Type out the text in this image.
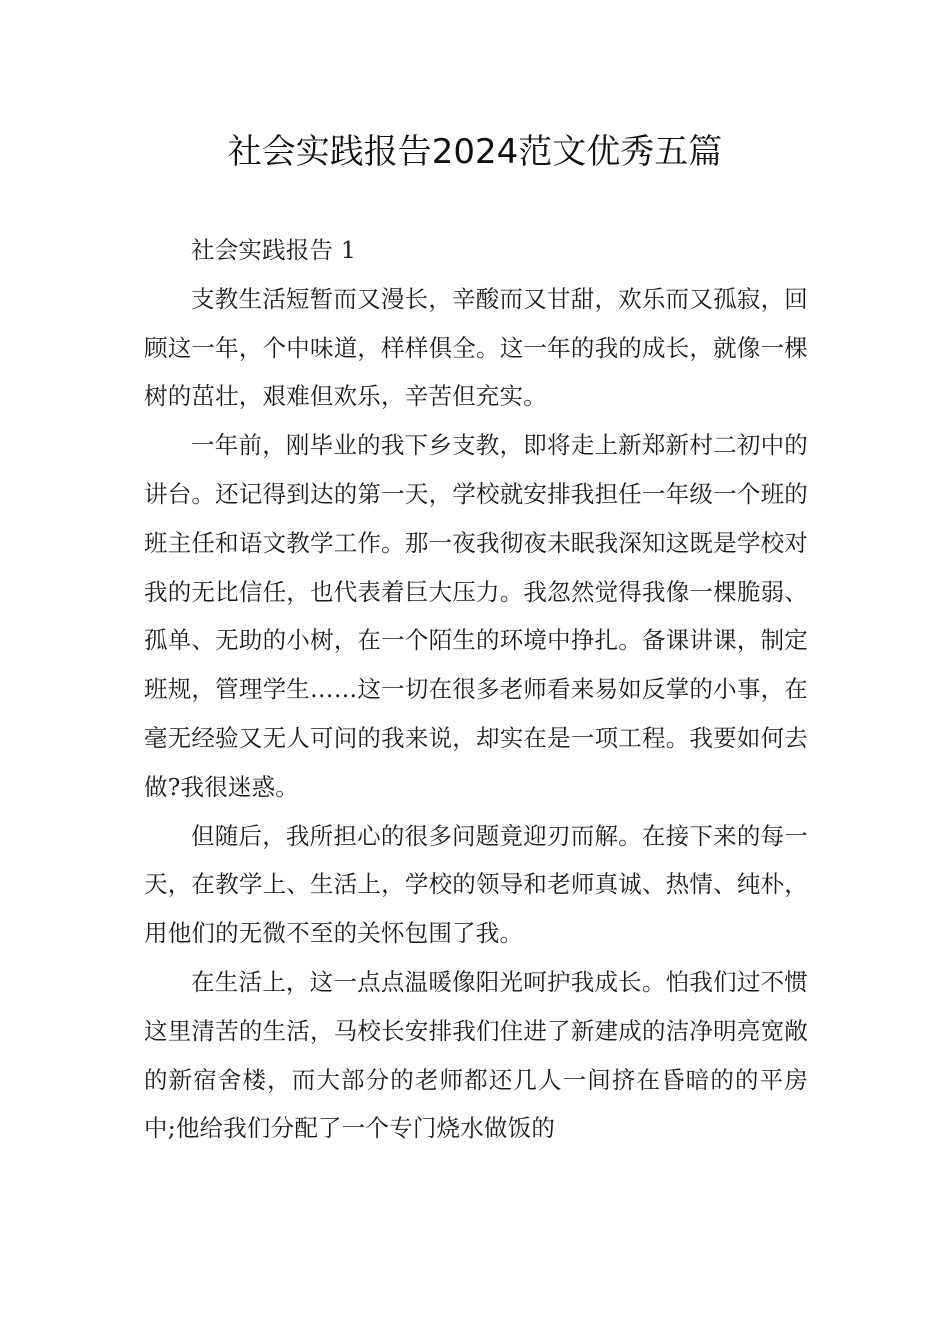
社会实践报告2024范文优秀五篇

社会实践报告 1

支教生活短暂而又漫长，辛酸而又甘甜，欢乐而又孤寂，回顾这一年，个中味道，样样俱全。这一年的我的成长，就像一棵树的茁壮，艰难但欢乐，辛苦但充实。

一年前，刚毕业的我下乡支教，即将走上新郑新村二初中的讲台。还记得到达的第一天，学校就安排我担任一年级一个班的班主任和语文教学工作。那一夜我彻夜未眠我深知这既是学校对我的无比信任，也代表着巨大压力。我忽然觉得我像一棵脆弱、孤单、无助的小树，在一个陌生的环境中挣扎。备课讲课，制定班规，管理学生……这一切在很多老师看来易如反掌的小事，在毫无经验又无人可问的我来说，却实在是一项工程。我要如何去做?我很迷惑。

但随后，我所担心的很多问题竟迎刃而解。在接下来的每一天，在教学上、生活上，学校的领导和老师真诚、热情、纯朴，用他们的无微不至的关怀包围了我。

在生活上，这一点点温暖像阳光呵护我成长。怕我们过不惯这里清苦的生活，马校长安排我们住进了新建成的洁净明亮宽敞的新宿舍楼，而大部分的老师都还几人一间挤在昏暗的的平房中;他给我们分配了一个专门烧水做饭的
